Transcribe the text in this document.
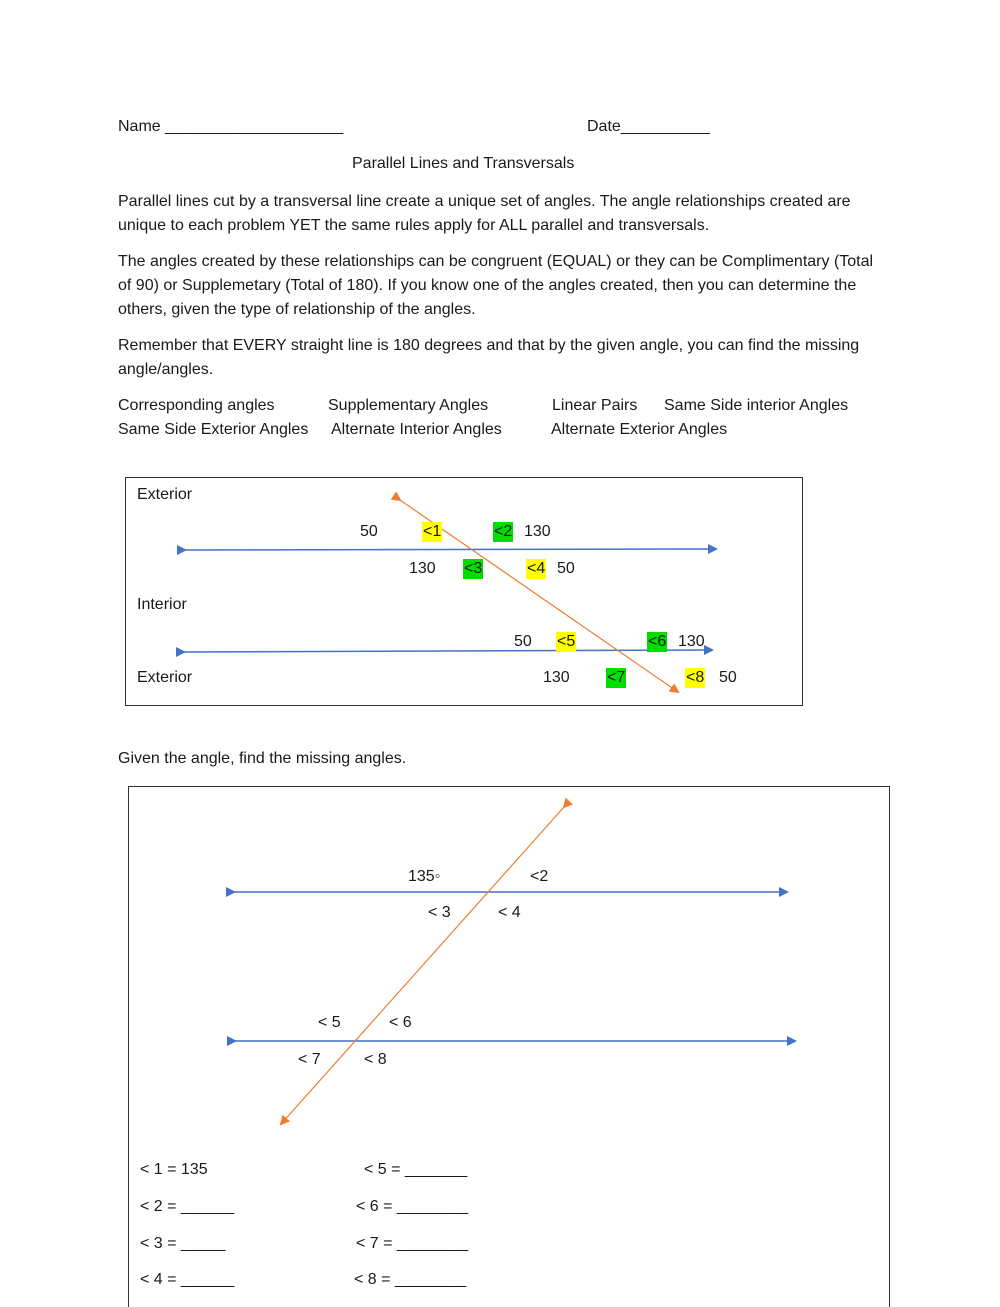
Name ____________________	Date__________
Parallel Lines and Transversals
Parallel lines cut by a transversal line create a unique set of angles. The angle relationships created are unique to each problem YET the same rules apply for ALL parallel and transversals.
The angles created by these relationships can be congruent (EQUAL) or they can be Complimentary (Total of 90) or Supplemetary (Total of 180). If you know one of the angles created, then you can determine the others, given the type of relationship of the angles.
Remember that EVERY straight line is 180 degrees and that by the given angle, you can find the missing angle/angles.
Corresponding angles	Supplementary Angles	Linear Pairs Same Side interior Angles
Same Side Exterior Angles Alternate Interior Angles	Alternate Exterior Angles
Exterior
Interior
Exterior
50	<1	<2 130
130 <3	<4 50
50 <5	<6 130
130 <7	<8 50
Given the angle, find the missing angles.
135◦	<2
< 3	< 4
< 5	< 6
< 7	< 8
< 1 = 135
< 2 = ______
< 3 = _____
< 4 = ______
< 5 = _______
< 6 = ________
< 7 = ________
< 8 = ________
